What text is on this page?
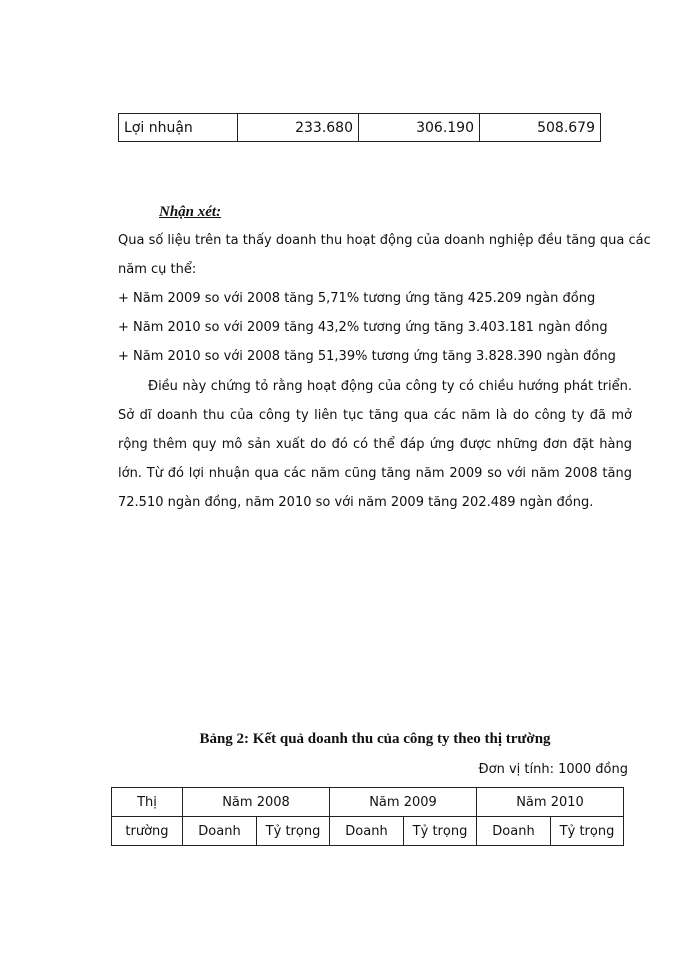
Lợi nhuận	233.680	306.190	508.679
Nhận xét:
Qua số liệu trên ta thấy doanh thu hoạt động của doanh nghiệp đều tăng qua các
năm cụ thể:
+ Năm 2009 so với 2008 tăng 5,71% tương ứng tăng 425.209 ngàn đồng
+ Năm 2010 so với 2009 tăng 43,2% tương ứng tăng 3.403.181 ngàn đồng
+ Năm 2010 so với 2008 tăng 51,39% tương ứng tăng 3.828.390 ngàn đồng
Điều này chứng tỏ rằng hoạt động của công ty có chiều hướng phát triển. Sở dĩ doanh thu của công ty liên tục tăng qua các năm là do công ty đã mở rộng thêm quy mô sản xuất do đó có thể đáp ứng được những đơn đặt hàng lớn. Từ đó lợi nhuận qua các năm cũng tăng năm 2009 so với năm 2008 tăng 72.510 ngàn đồng, năm 2010 so với năm 2009 tăng 202.489 ngàn đồng.
Bảng 2: Kết quả doanh thu của công ty theo thị trường
Đơn vị tính: 1000 đồng
Thị	Năm 2008		Năm 2009		Năm 2010	
trường	Doanh	Tỷ trọng	Doanh	Tỷ trọng	Doanh	Tỷ trọng
